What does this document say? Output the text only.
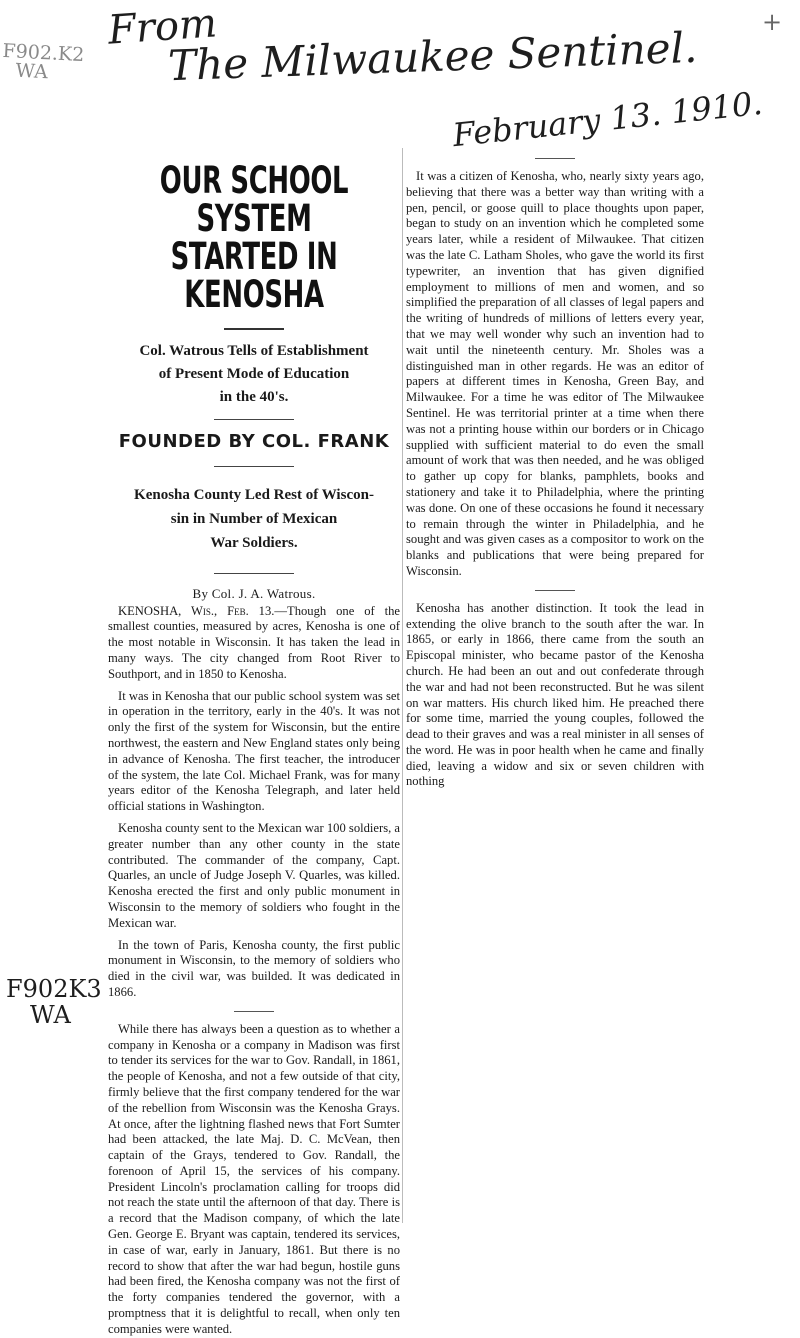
From
The Milwaukee Sentinel.
February 13. 1910.
+
F902.K2
WA
F902K3
WA
OUR SCHOOL SYSTEM
STARTED IN KENOSHA
Col. Watrous Tells of Establishment
of Present Mode of Education
in the 40's.
FOUNDED BY COL. FRANK
Kenosha County Led Rest of Wiscon-
sin in Number of Mexican
War Soldiers.
By Col. J. A. Watrous.

KENOSHA, Wis., Feb. 13.—Though one of the smallest counties, measured by acres, Kenosha is one of the most notable in Wisconsin. It has taken the lead in many ways. The city changed from Root River to Southport, and in 1850 to Kenosha.

It was in Kenosha that our public school system was set in operation in the territory, early in the 40's. It was not only the first of the system for Wisconsin, but the entire northwest, the eastern and New England states only being in advance of Kenosha. The first teacher, the introducer of the system, the late Col. Michael Frank, was for many years editor of the Kenosha Telegraph, and later held official stations in Washington.

Kenosha county sent to the Mexican war 100 soldiers, a greater number than any other county in the state contributed. The commander of the company, Capt. Quarles, an uncle of Judge Joseph V. Quarles, was killed. Kenosha erected the first and only public monument in Wisconsin to the memory of soldiers who fought in the Mexican war.

In the town of Paris, Kenosha county, the first public monument in Wisconsin, to the memory of soldiers who died in the civil war, was builded. It was dedicated in 1866.

While there has always been a question as to whether a company in Kenosha or a company in Madison was first to tender its services for the war to Gov. Randall, in 1861, the people of Kenosha, and not a few outside of that city, firmly believe that the first company tendered for the war of the rebellion from Wisconsin was the Kenosha Grays. At once, after the lightning flashed news that Fort Sumter had been attacked, the late Maj. D. C. McVean, then captain of the Grays, tendered to Gov. Randall, the forenoon of April 15, the services of his company. President Lincoln's proclamation calling for troops did not reach the state until the afternoon of that day. There is a record that the Madison company, of which the late Gen. George E. Bryant was captain, tendered its services, in case of war, early in January, 1861. But there is no record to show that after the war had begun, hostile guns had been fired, the Kenosha company was not the first of the forty companies tendered the governor, with a promptness that it is delightful to recall, when only ten companies were wanted.

It was a citizen of Kenosha, who, nearly sixty years ago, believing that there was a better way than writing with a pen, pencil, or goose quill to place thoughts upon paper, began to study on an invention which he completed some years later, while a resident of Milwaukee. That citizen was the late C. Latham Sholes, who gave the world its first typewriter, an invention that has given dignified employment to millions of men and women, and so simplified the preparation of all classes of legal papers and the writing of hundreds of millions of letters every year, that we may well wonder why such an invention had to wait until the nineteenth century. Mr. Sholes was a distinguished man in other regards. He was an editor of papers at different times in Kenosha, Green Bay, and Milwaukee. For a time he was editor of The Milwaukee Sentinel. He was territorial printer at a time when there was not a printing house within our borders or in Chicago supplied with sufficient material to do even the small amount of work that was then needed, and he was obliged to gather up copy for blanks, pamphlets, books and stationery and take it to Philadelphia, where the printing was done. On one of these occasions he found it necessary to remain through the winter in Philadelphia, and he sought and was given cases as a compositor to work on the blanks and publications that were being prepared for Wisconsin.

Kenosha has another distinction. It took the lead in extending the olive branch to the south after the war. In 1865, or early in 1866, there came from the south an Episcopal minister, who became pastor of the Kenosha church. He had been an out and out confederate through the war and had not been reconstructed. But he was silent on war matters. His church liked him. He preached there for some time, married the young couples, followed the dead to their graves and was a real minister in all senses of the word. He was in poor health when he came and finally died, leaving a widow and six or seven children with nothing
